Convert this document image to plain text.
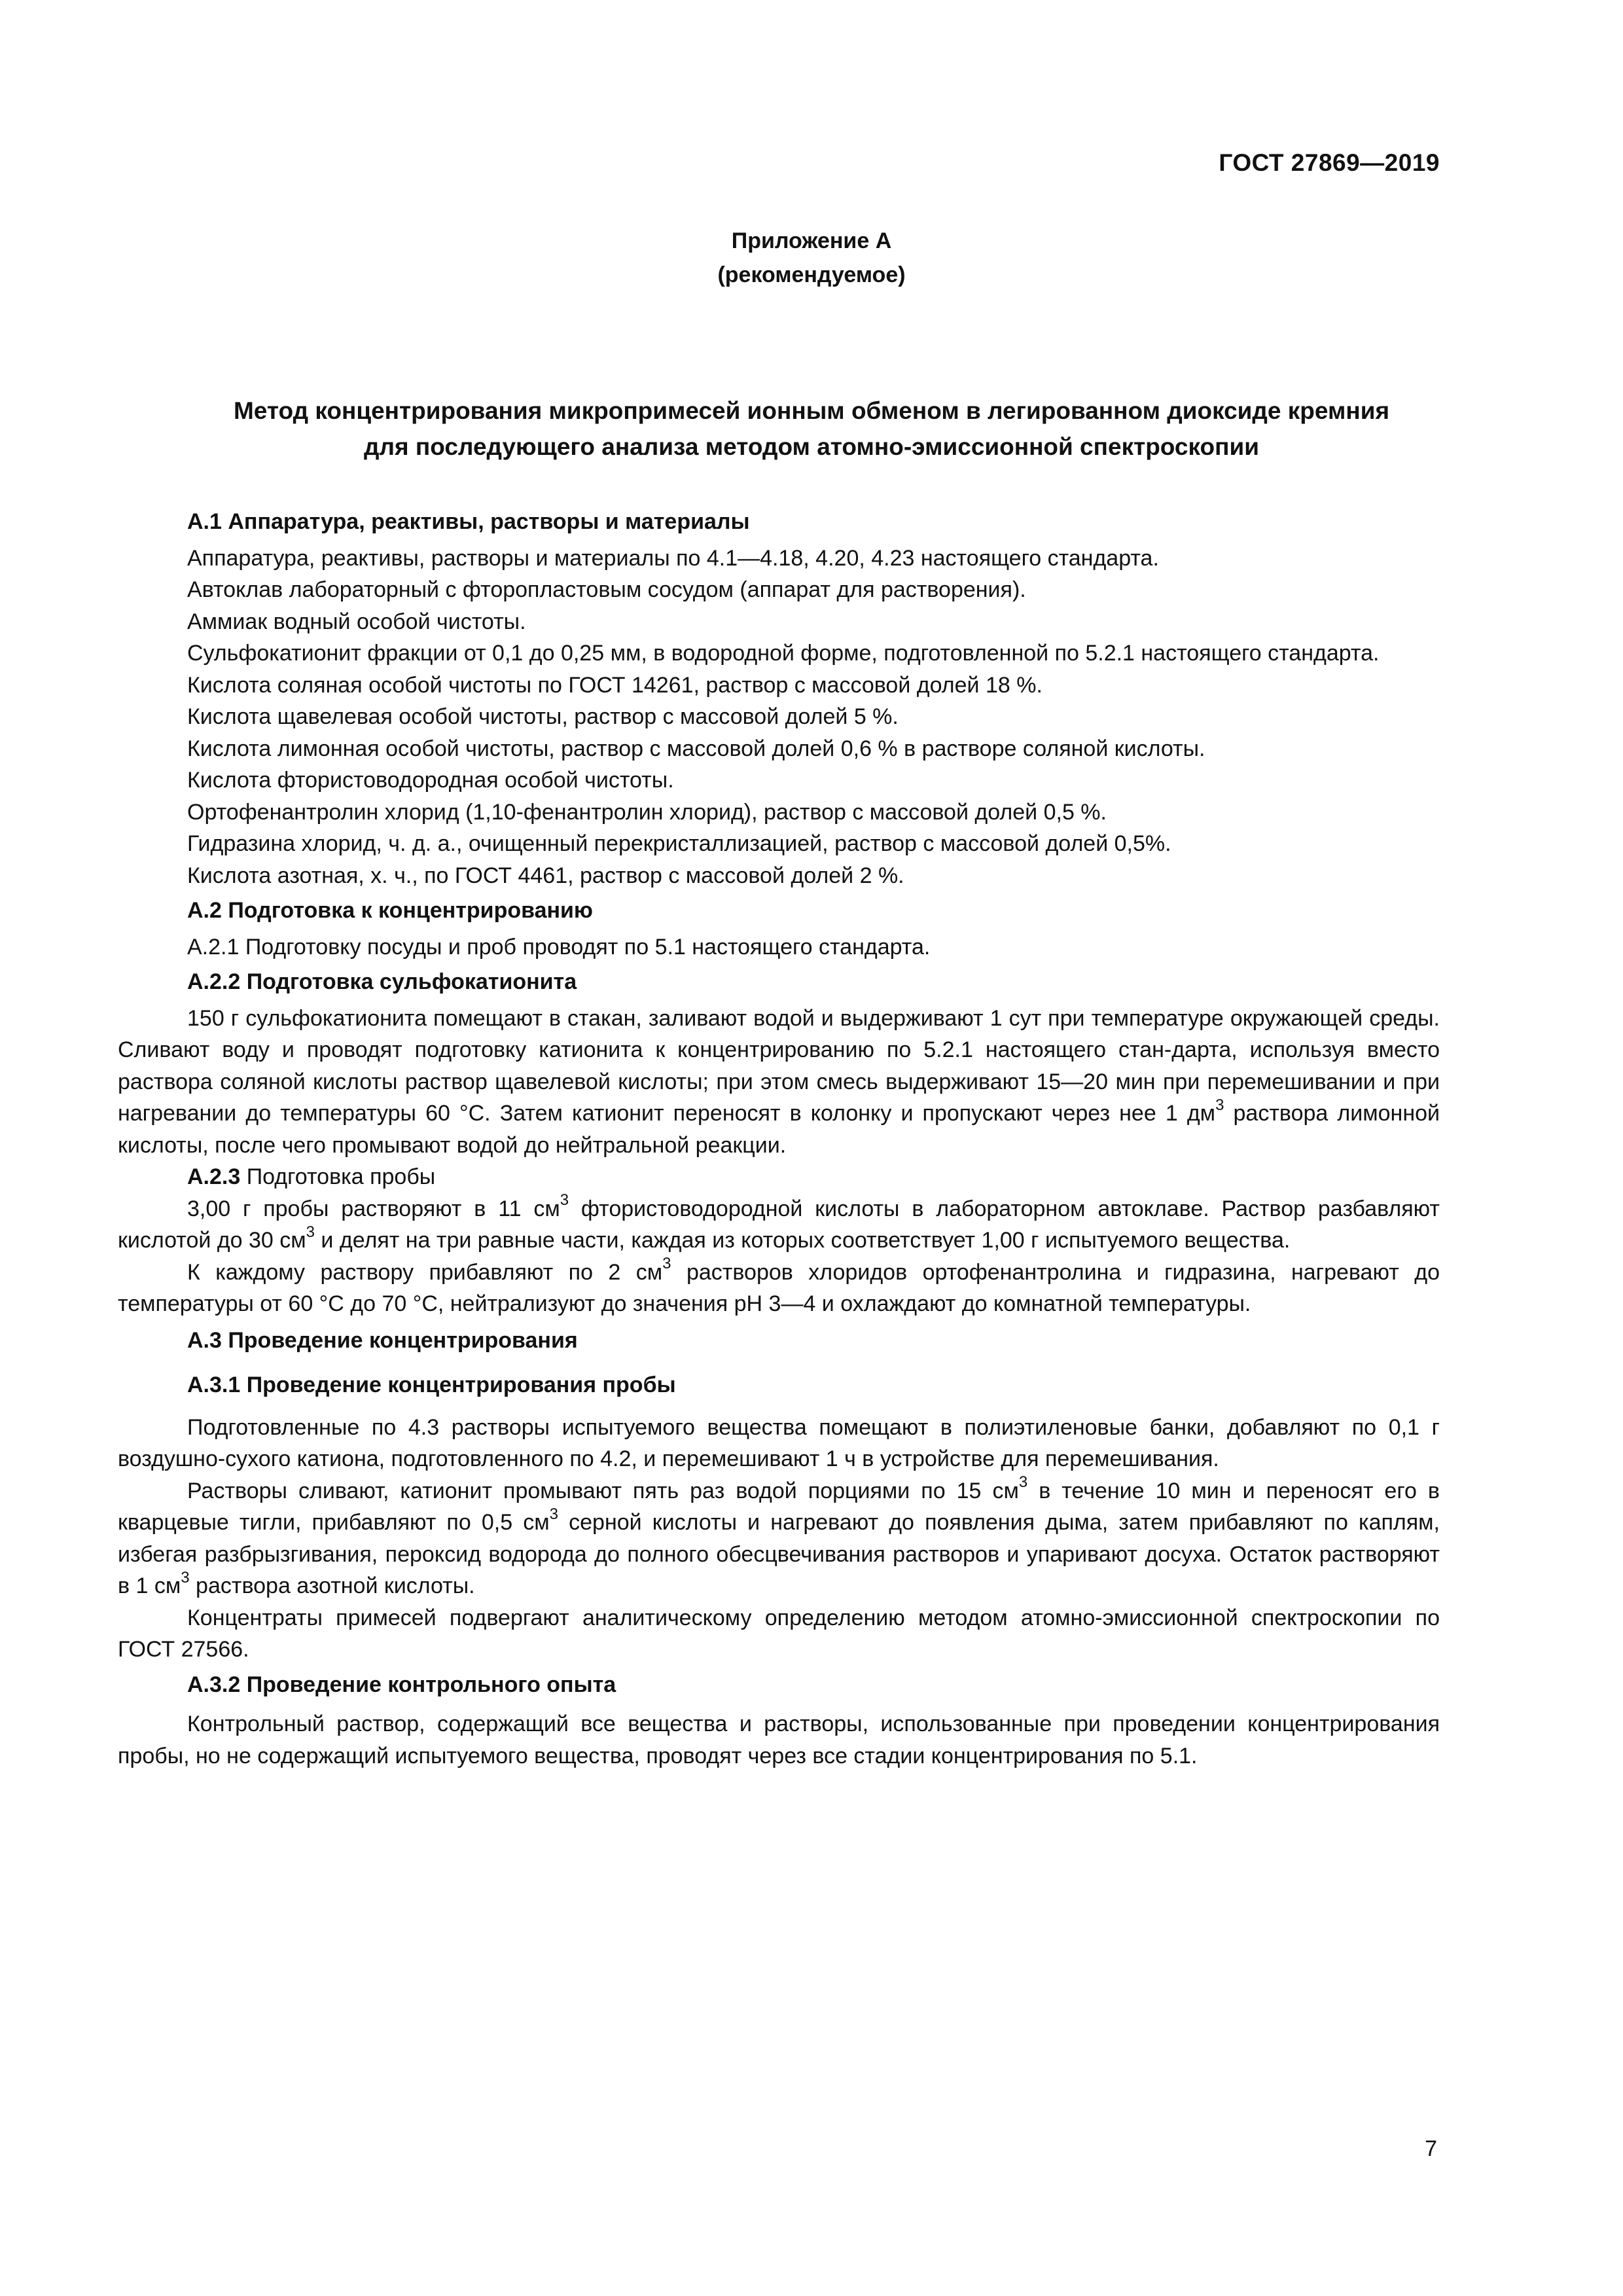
ГОСТ 27869—2019
Приложение А
(рекомендуемое)
Метод концентрирования микропримесей ионным обменом в легированном диоксиде кремния
для последующего анализа методом атомно-эмиссионной спектроскопии
А.1 Аппаратура, реактивы, растворы и материалы

Аппаратура, реактивы, растворы и материалы по 4.1—4.18, 4.20, 4.23 настоящего стандарта.

Автоклав лабораторный с фторопластовым сосудом (аппарат для растворения).

Аммиак водный особой чистоты.

Сульфокатионит фракции от 0,1 до 0,25 мм, в водородной форме, подготовленной по 5.2.1 настоящего стандарта.

Кислота соляная особой чистоты по ГОСТ 14261, раствор с массовой долей 18 %.

Кислота щавелевая особой чистоты, раствор с массовой долей 5 %.

Кислота лимонная особой чистоты, раствор с массовой долей 0,6 % в растворе соляной кислоты.

Кислота фтористоводородная особой чистоты.

Ортофенантролин хлорид (1,10-фенантролин хлорид), раствор с массовой долей 0,5 %.

Гидразина хлорид, ч. д. а., очищенный перекристаллизацией, раствор с массовой долей 0,5%.

Кислота азотная, х. ч., по ГОСТ 4461, раствор с массовой долей 2 %.

А.2 Подготовка к концентрированию

А.2.1 Подготовку посуды и проб проводят по 5.1 настоящего стандарта.

А.2.2 Подготовка сульфокатионита

150 г сульфокатионита помещают в стакан, заливают водой и выдерживают 1 сут при температуре окружающей среды. Сливают воду и проводят подготовку катионита к концентрированию по 5.2.1 настоящего стан-дарта, используя вместо раствора соляной кислоты раствор щавелевой кислоты; при этом смесь выдерживают 15—20 мин при перемешивании и при нагревании до температуры 60 °С. Затем катионит переносят в колонку и пропускают через нее 1 $дм^3$ раствора лимонной кислоты, после чего промывают водой до нейтральной реакции.

А.2.3 Подготовка пробы

3,00 г пробы растворяют в 11 $см^3$ фтористоводородной кислоты в лабораторном автоклаве. Раствор разбавляют кислотой до 30 $см^3$ и делят на три равные части, каждая из которых соответствует 1,00 г испытуемого вещества.

К каждому раствору прибавляют по 2 $см^3$ растворов хлоридов ортофенантролина и гидразина, нагревают до температуры от 60 °С до 70 °С, нейтрализуют до значения рН 3—4 и охлаждают до комнатной температуры.

А.3 Проведение концентрирования
А.3.1 Проведение концентрирования пробы

Подготовленные по 4.3 растворы испытуемого вещества помещают в полиэтиленовые банки, добавляют по 0,1 г воздушно-сухого катиона, подготовленного по 4.2, и перемешивают 1 ч в устройстве для перемешивания.

Растворы сливают, катионит промывают пять раз водой порциями по 15 $см^3$ в течение 10 мин и переносят его в кварцевые тигли, прибавляют по 0,5 $см^3$ серной кислоты и нагревают до появления дыма, затем прибавляют по каплям, избегая разбрызгивания, пероксид водорода до полного обесцвечивания растворов и упаривают досуха. Остаток растворяют в 1 $см^3$ раствора азотной кислоты.

Концентраты примесей подвергают аналитическому определению методом атомно-эмиссионной спектроскопии по ГОСТ 27566.

А.3.2 Проведение контрольного опыта

Контрольный раствор, содержащий все вещества и растворы, использованные при проведении концентрирования пробы, но не содержащий испытуемого вещества, проводят через все стадии концентрирования по 5.1.

7
